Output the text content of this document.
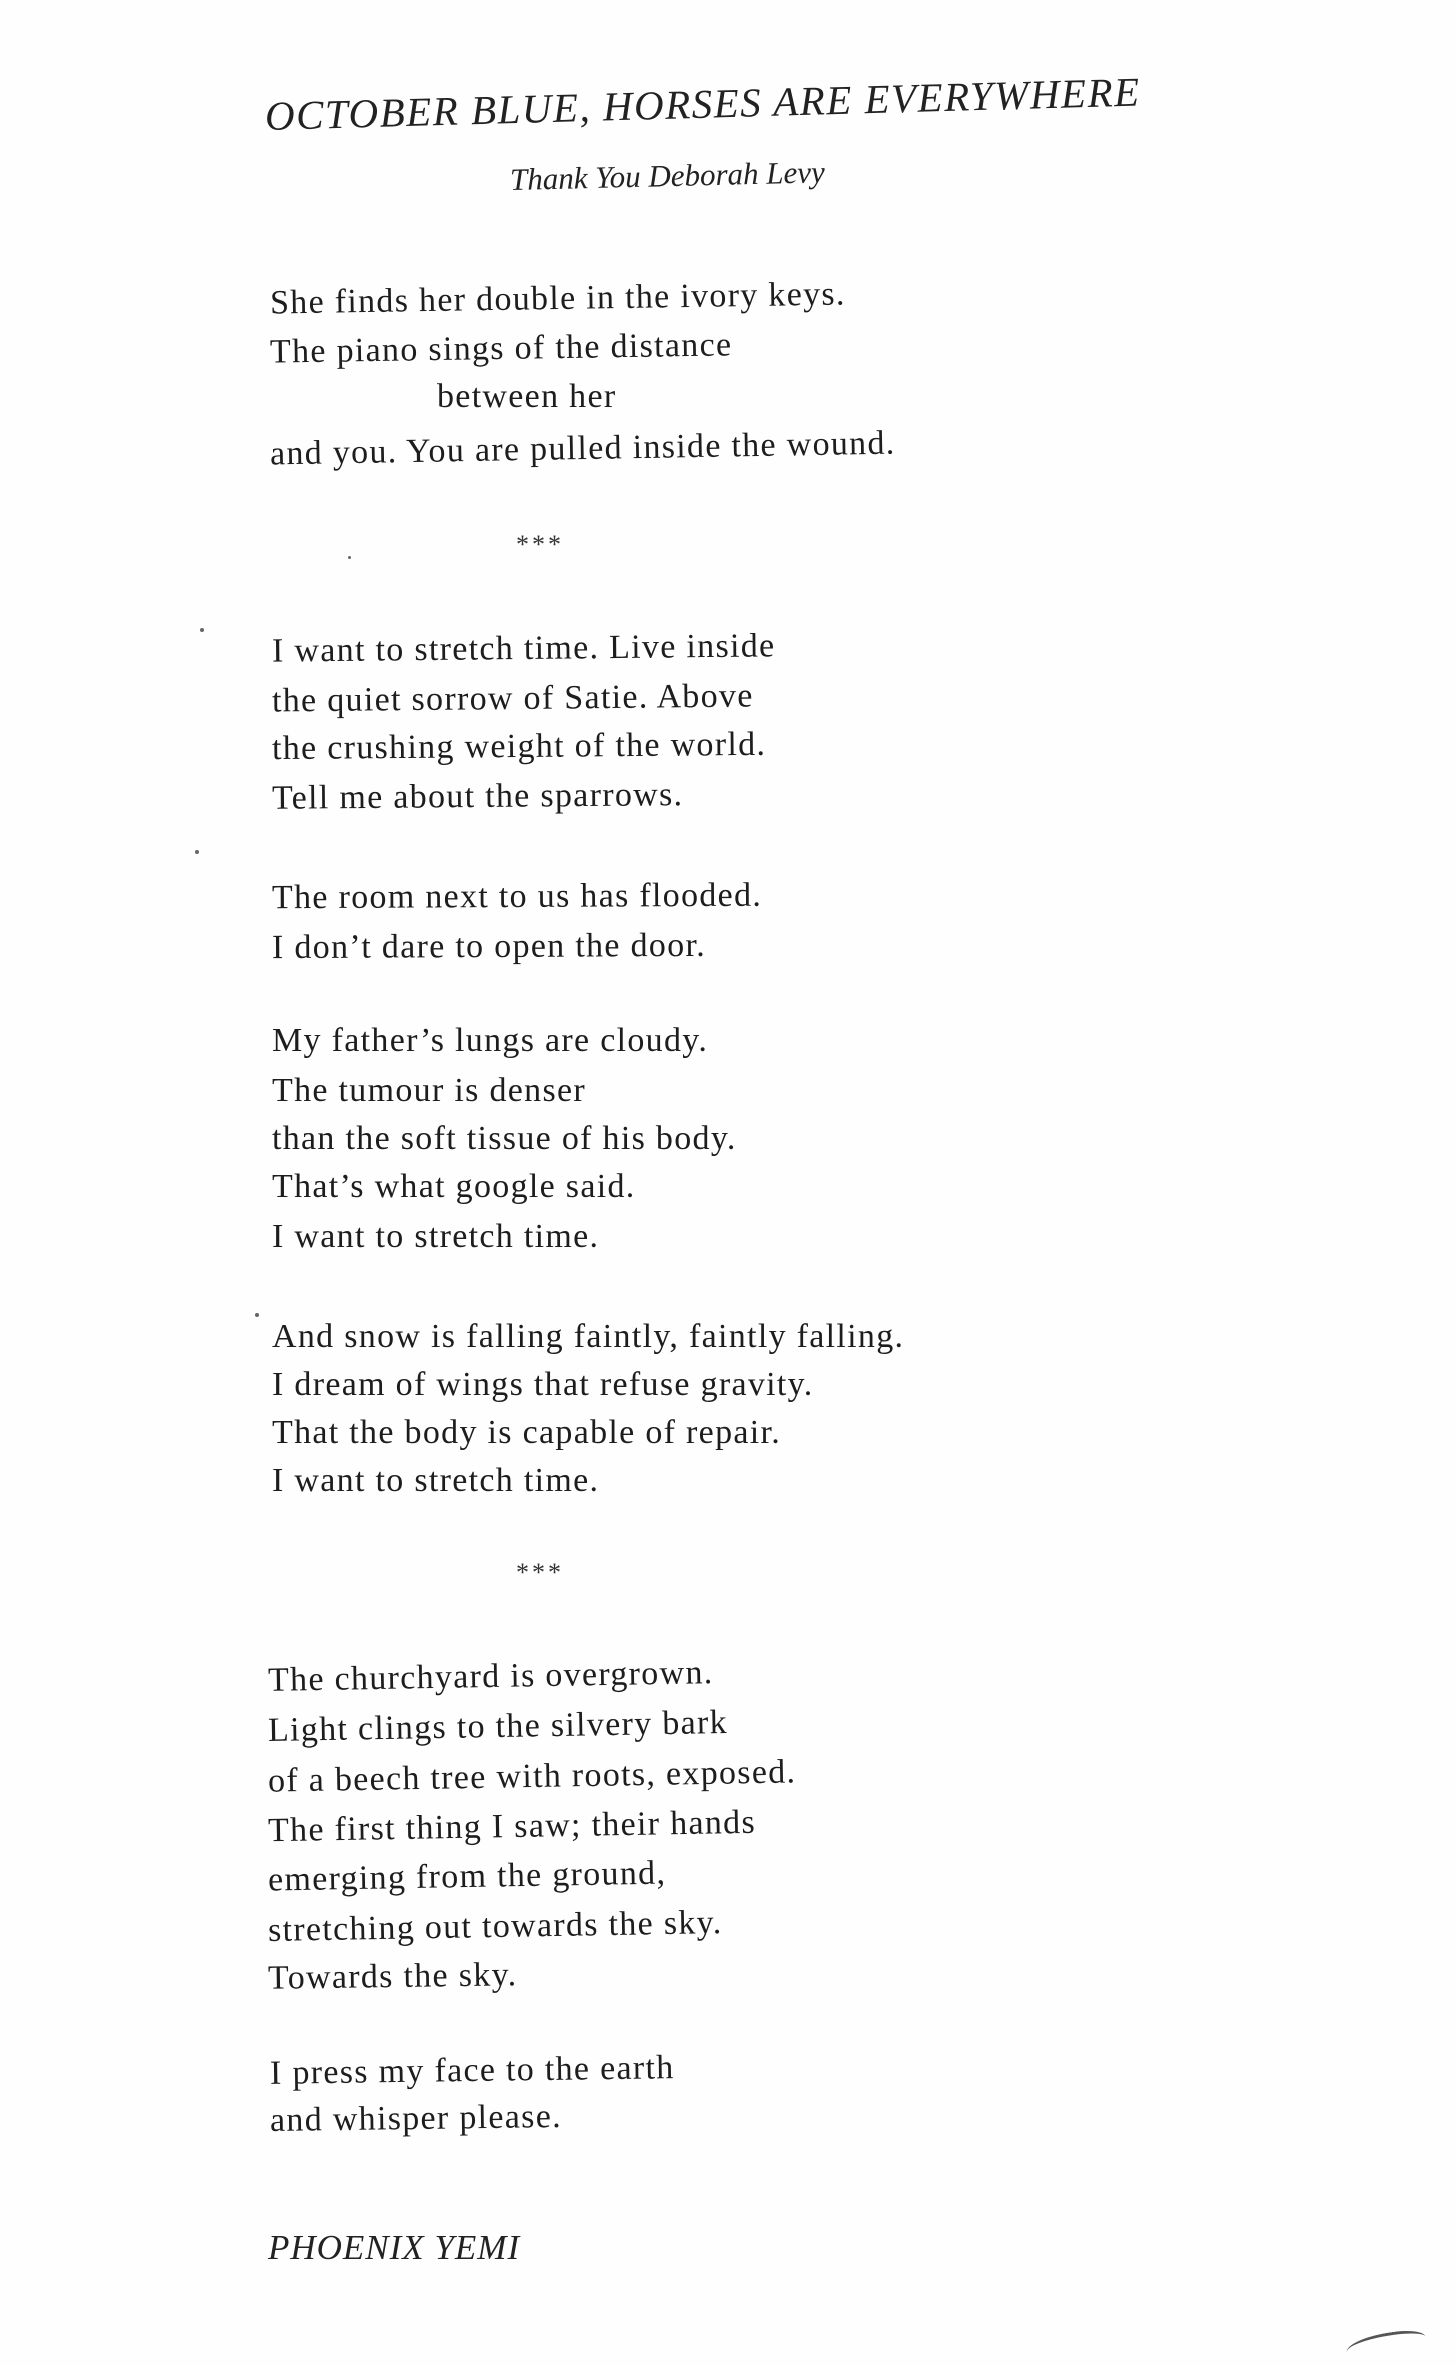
OCTOBER BLUE, HORSES ARE EVERYWHERE
Thank You Deborah Levy
She finds her double in the ivory keys.
The piano sings of the distance
between her
and you. You are pulled inside the wound.
***
I want to stretch time. Live inside
the quiet sorrow of Satie. Above
the crushing weight of the world.
Tell me about the sparrows.
The room next to us has flooded.
I don’t dare to open the door.
My father’s lungs are cloudy.
The tumour is denser
than the soft tissue of his body.
That’s what google said.
I want to stretch time.
And snow is falling faintly, faintly falling.
I dream of wings that refuse gravity.
That the body is capable of repair.
I want to stretch time.
***
The churchyard is overgrown.
Light clings to the silvery bark
of a beech tree with roots, exposed.
The first thing I saw; their hands
emerging from the ground,
stretching out towards the sky.
Towards the sky.
I press my face to the earth
and whisper please.
PHOENIX YEMI
